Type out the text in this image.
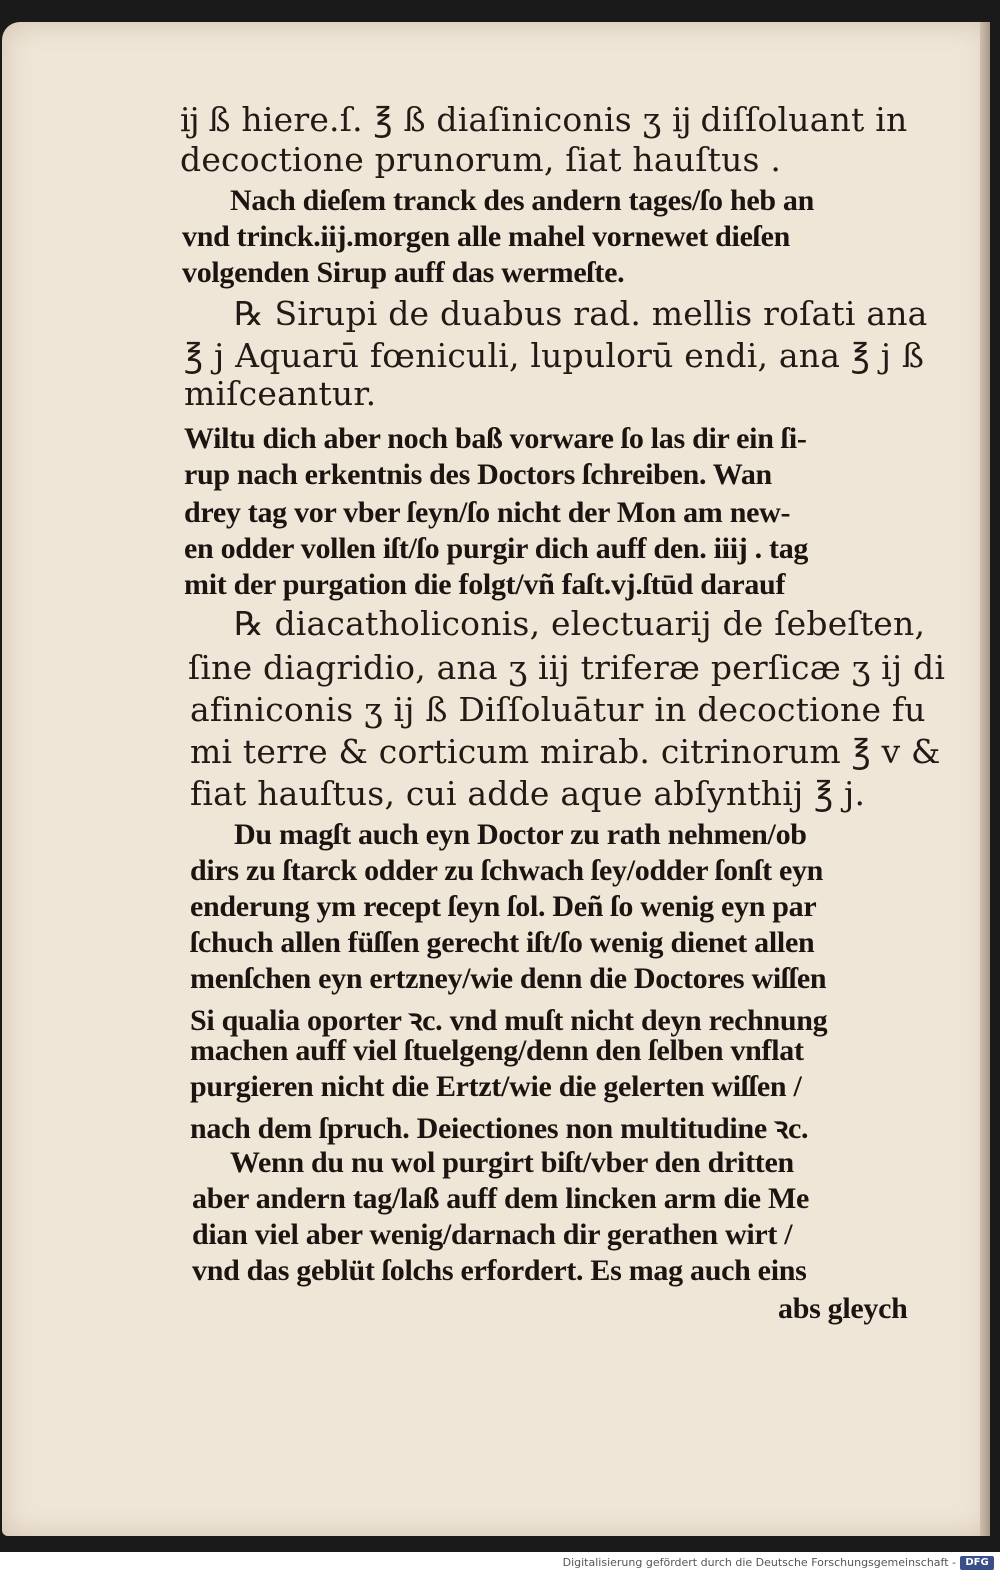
ĳ ß hiere.ſ. ℥ ß diaſiniconis ʒ ĳ diſſoluant in
decoctione prunorum, ſiat hauſtus .
Nach dieſem tranck des andern tages/ſo heb an
vnd trinck.iij.morgen alle mahel vornewet dieſen
volgenden Sirup auff das wermeſte.
℞ Sirupi de duabus rad. mellis roſati ana
℥ j Aquarū fœniculi, lupulorū endi, ana ℥ j ß
miſceantur.
Wiltu dich aber noch baß vorware ſo las dir ein ſi-
rup nach erkentnis des Doctors ſchreiben. Wan
drey tag vor vber ſeyn/ſo nicht der Mon am new-
en odder vollen iſt/ſo purgir dich auff den. iiij . tag
mit der purgation die folgt/vñ faſt.vj.ſtūd darauf
℞ diacatholiconis, electuarij de ſebeſten,
ſine diagridio, ana ʒ iij triferæ perſicæ ʒ ij di
afiniconis ʒ ij ß Diſſoluātur in decoctione fu
mi terre & corticum mirab. citrinorum ℥ v &
fiat hauſtus, cui adde aque abſynthij ℥ j.
Du magſt auch eyn Doctor zu rath nehmen/ob
dirs zu ſtarck odder zu ſchwach ſey/odder ſonſt eyn
enderung ym recept ſeyn ſol. Deñ ſo wenig eyn par
ſchuch allen füſſen gerecht iſt/ſo wenig dienet allen
menſchen eyn ertzney/wie denn die Doctores wiſſen
Si qualia oporter ꝛc. vnd muſt nicht deyn rechnung
machen auff viel ſtuelgeng/denn den ſelben vnflat
purgieren nicht die Ertzt/wie die gelerten wiſſen /
nach dem ſpruch. Deiectiones non multitudine ꝛc.
Wenn du nu wol purgirt biſt/vber den dritten
aber andern tag/laß auff dem lincken arm die Me
dian viel aber wenig/darnach dir gerathen wirt /
vnd das geblüt ſolchs erfordert. Es mag auch eins
abs gleych
Digitalisierung gefördert durch die Deutsche Forschungsgemeinschaft - DFG
